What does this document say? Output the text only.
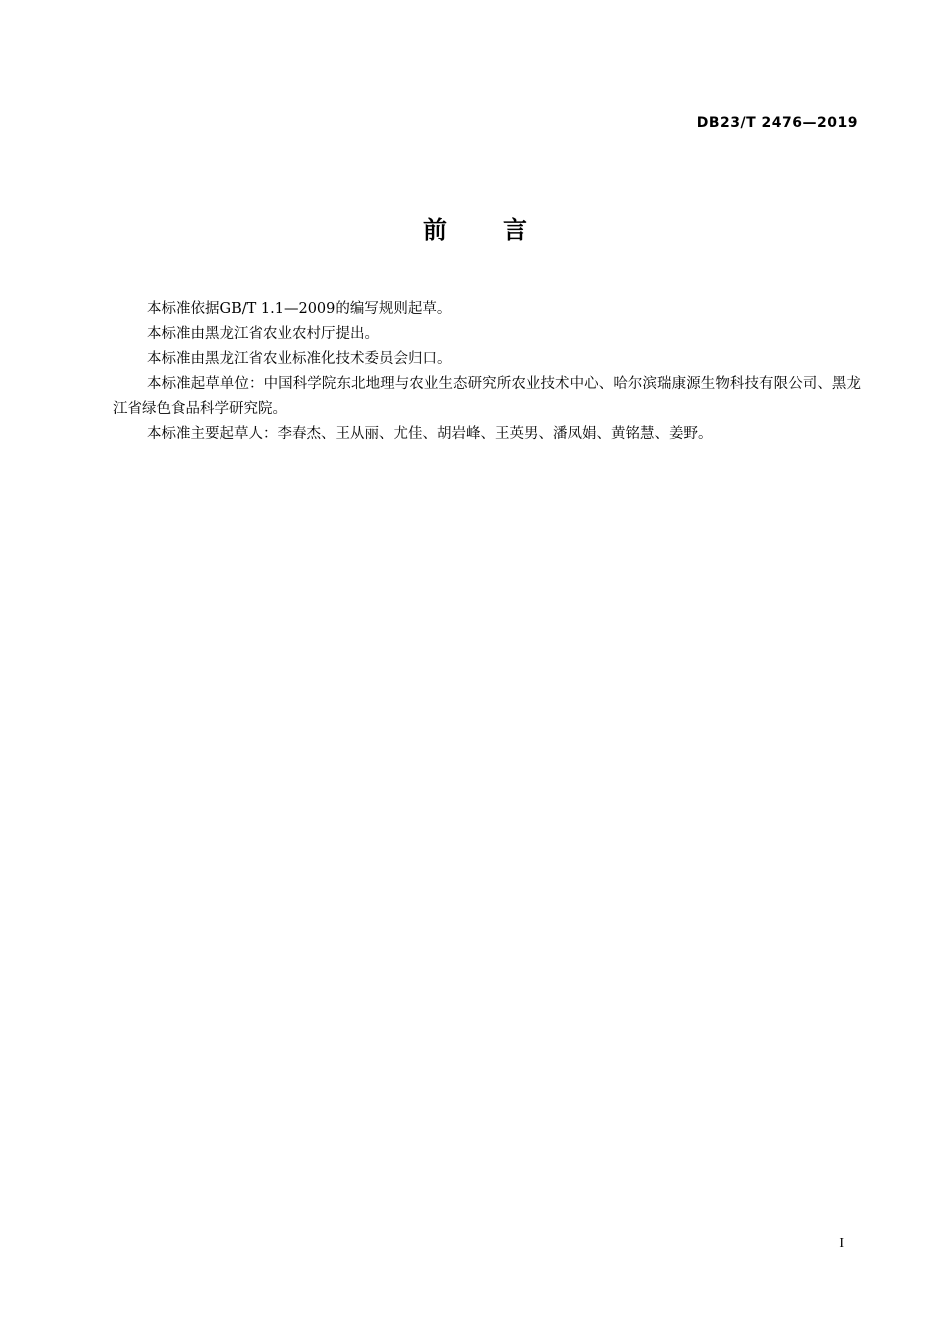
DB23/T 2476—2019
前 言

本标准依据GB/T 1.1—2009的编写规则起草。

本标准由黑龙江省农业农村厅提出。

本标准由黑龙江省农业标准化技术委员会归口。

本标准起草单位：中国科学院东北地理与农业生态研究所农业技术中心、哈尔滨瑞康源生物科技有限公司、黑龙江省绿色食品科学研究院。

本标准主要起草人：李春杰、王从丽、尤佳、胡岩峰、王英男、潘凤娟、黄铭慧、姜野。

I
